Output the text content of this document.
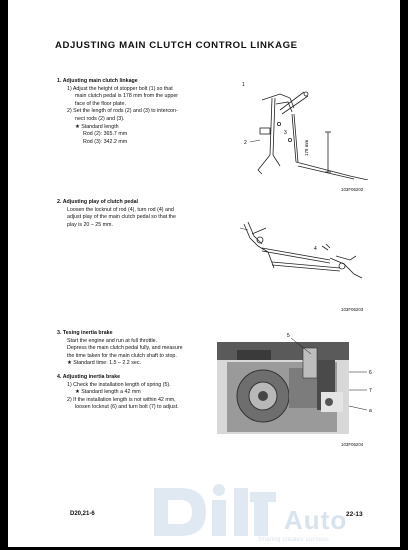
ADJUSTING MAIN CLUTCH CONTROL LINKAGE
1. Adjusting main clutch linkage
1) Adjust the height of stopper bolt (1) so that
main clutch pedal is 178 mm from the upper
face of the floor plate.
2) Set the length of rods (2) and (3) to intercon-
nect rods (2) and (3).
★ Standard length
Rod (2): 365.7 mm
Rod (3): 342.2 mm
2. Adjusting play of clutch pedal
Loosen the locknut of rod (4), turn rod (4) and
adjust play of the main clutch pedal so that the
play is 20 – 25 mm.
3. Tesing inertia brake
Start the engine and run at full throttle.
Depress the main clutch pedal fully, and measure
the time taken for the main clutch shaft to stop.
★ Standard time: 1.5 – 2.2 sec.
4. Adjusting inertia brake
1) Check the installation length of spring (5).
★ Standard length a 42 mm
2) If the installation length is not within 42 mm,
loosen locknut (6) and turn bolt (7) to adjust.
178 mm
1
2
3
103F06202
4
103F06203
5
6
7
a
103F06204
Auto
Sharing creates success
D20,21-6	22-13
